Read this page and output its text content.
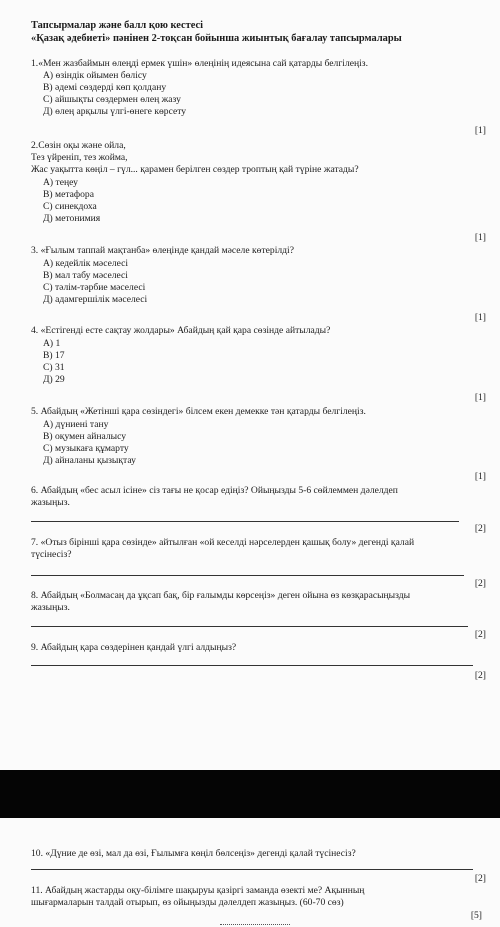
Тапсырмалар және балл қою кестесі
«Қазақ әдебиеті» пәнінен 2-тоқсан бойынша жиынтық бағалау тапсырмалары
1.«Мен жазбаймын өлеңді ермек үшін» өлеңінің идеясына сай қатарды белгілеңіз.
А) өзіндік ойымен бөлісу
В) әдемі сөздерді көп қолдану
С) айшықты сөздермен өлең жазу
Д) өлең арқылы үлгі-өнеге көрсету
[1]
2.Сөзін оқы және ойла,
Тез үйреніп, тез жойма,
Жас уақытта көңіл – гүл... қарамен берілген сөздер троптың қай түріне жатады?
А) теңеу
В) метафора
С) синекдоха
Д) метонимия
[1]
3. «Ғылым таппай мақтанба» өлеңінде қандай мәселе көтерілді?
А) кедейлік мәселесі
В) мал табу мәселесі
С) тәлім-тәрбие мәселесі
Д) адамгершілік мәселесі
[1]
4. «Естігенді есте сақтау жолдары» Абайдың қай қара сөзінде айтылады?
А) 1
В) 17
С) 31
Д) 29
[1]
5. Абайдың «Жетінші қара сөзіндегі» білсем екен демекке тән қатарды белгілеңіз.
А) дүниені тану
В) оқумен айналысу
С) музыкаға құмарту
Д) айналаны қызықтау
[1]
6. Абайдың «бес асыл ісіне» сіз тағы не қосар едіңіз? Ойыңызды 5-6 сөйлеммен дәлелдеп
жазыңыз.
[2]
7. «Отыз бірінші қара сөзінде» айтылған «ой кеселді нәрселерден қашық болу» дегенді қалай
түсінесіз?
[2]
8. Абайдың «Болмасаң да ұқсап бақ, бір ғалымды көрсеңіз» деген ойына өз көзқарасыңызды
жазыңыз.
[2]
9. Абайдың қара сөздерінен қандай үлгі алдыңыз?
[2]
10. «Дүние де өзі, мал да өзі, Ғылымға көңіл бөлсеңіз» дегенді қалай түсінесіз?
[2]
11. Абайдың жастарды оқу-білімге шақыруы қазіргі заманда өзекті ме? Ақынның
шығармаларын талдай отырып, өз ойыңызды дәлелдеп жазыңыз. (60-70 сөз)
[5]
